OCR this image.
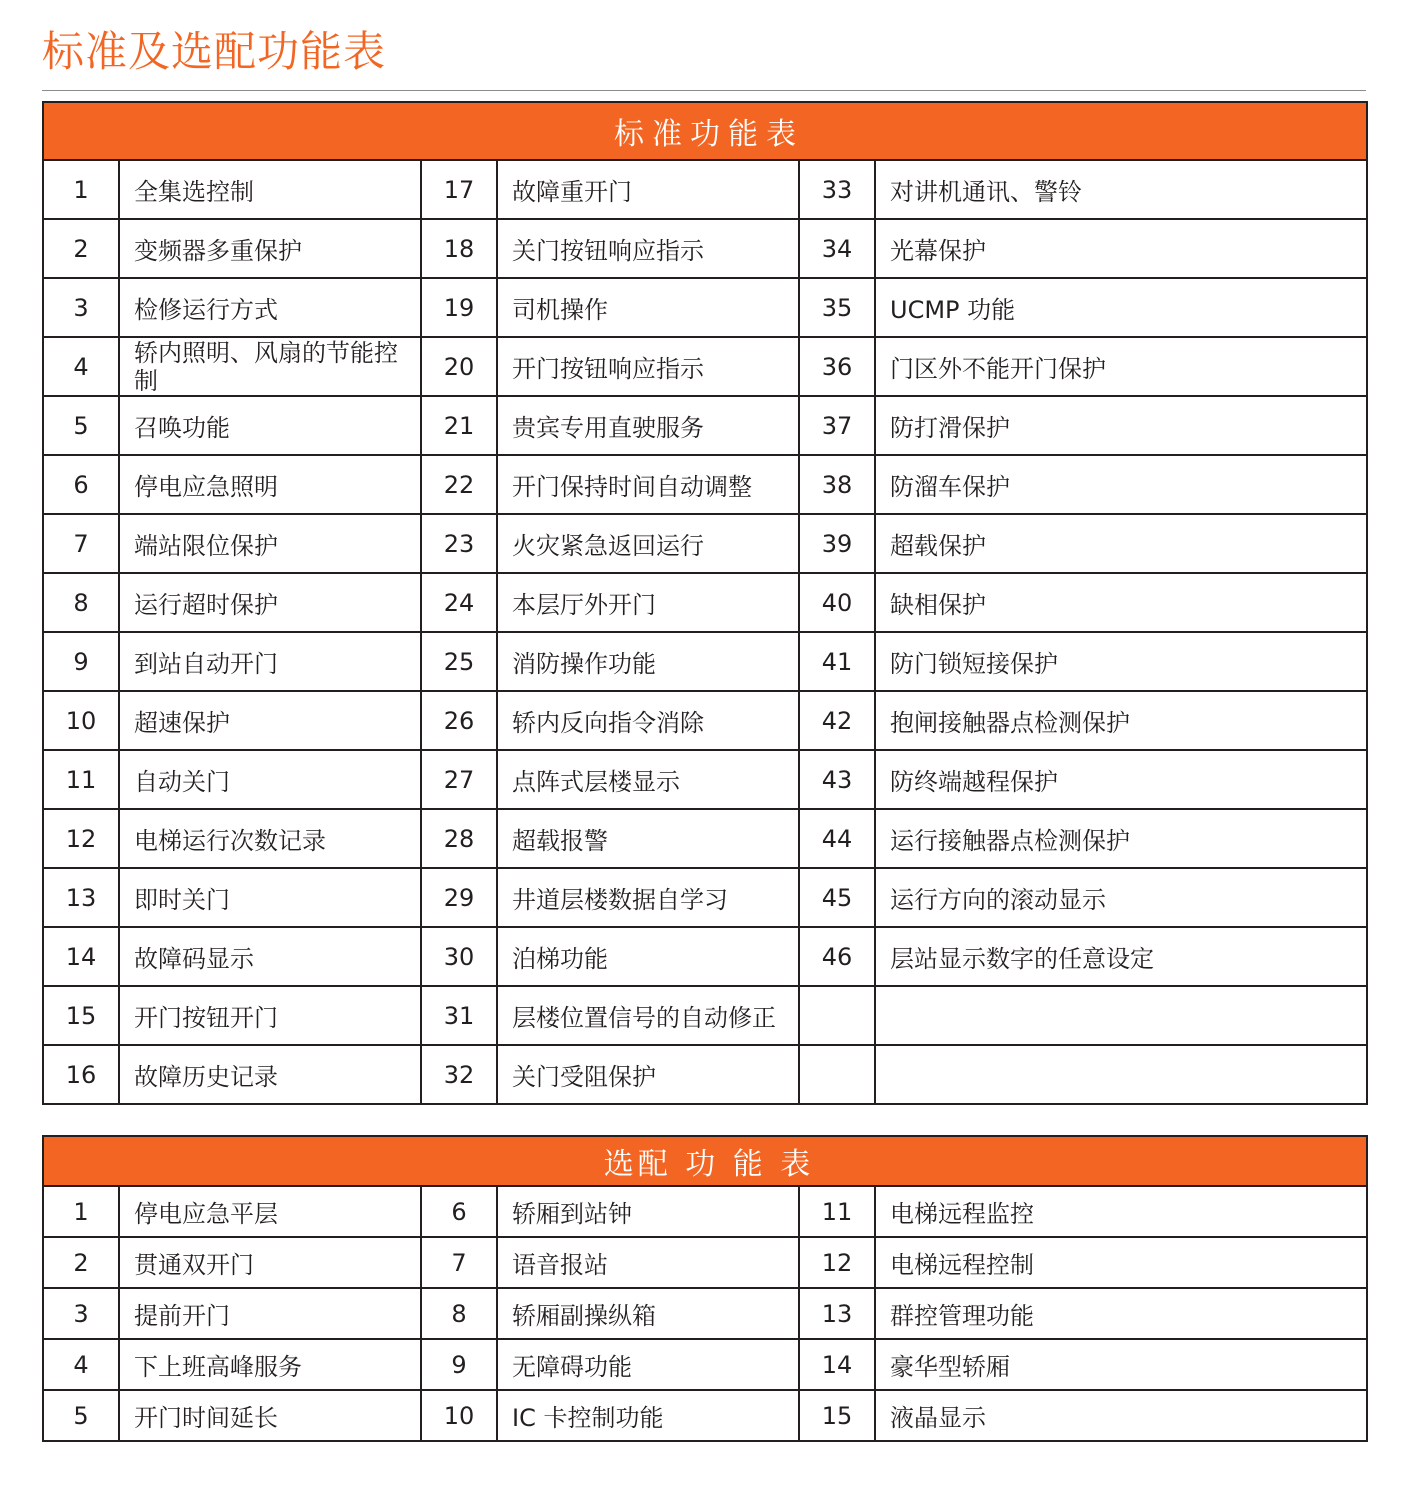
标准及选配功能表
标准功能表					
1	全集选控制	17	故障重开门	33	对讲机通讯、警铃
2	变频器多重保护	18	关门按钮响应指示	34	光幕保护
3	检修运行方式	19	司机操作	35	UCMP 功能
4	轿内照明、风扇的节能控制	20	开门按钮响应指示	36	门区外不能开门保护
5	召唤功能	21	贵宾专用直驶服务	37	防打滑保护
6	停电应急照明	22	开门保持时间自动调整	38	防溜车保护
7	端站限位保护	23	火灾紧急返回运行	39	超载保护
8	运行超时保护	24	本层厅外开门	40	缺相保护
9	到站自动开门	25	消防操作功能	41	防门锁短接保护
10	超速保护	26	轿内反向指令消除	42	抱闸接触器点检测保护
11	自动关门	27	点阵式层楼显示	43	防终端越程保护
12	电梯运行次数记录	28	超载报警	44	运行接触器点检测保护
13	即时关门	29	井道层楼数据自学习	45	运行方向的滚动显示
14	故障码显示	30	泊梯功能	46	层站显示数字的任意设定
15	开门按钮开门	31	层楼位置信号的自动修正		
16	故障历史记录	32	关门受阻保护		
选配 功 能 表					
1	停电应急平层	6	轿厢到站钟	11	电梯远程监控
2	贯通双开门	7	语音报站	12	电梯远程控制
3	提前开门	8	轿厢副操纵箱	13	群控管理功能
4	下上班高峰服务	9	无障碍功能	14	豪华型轿厢
5	开门时间延长	10	IC 卡控制功能	15	液晶显示
